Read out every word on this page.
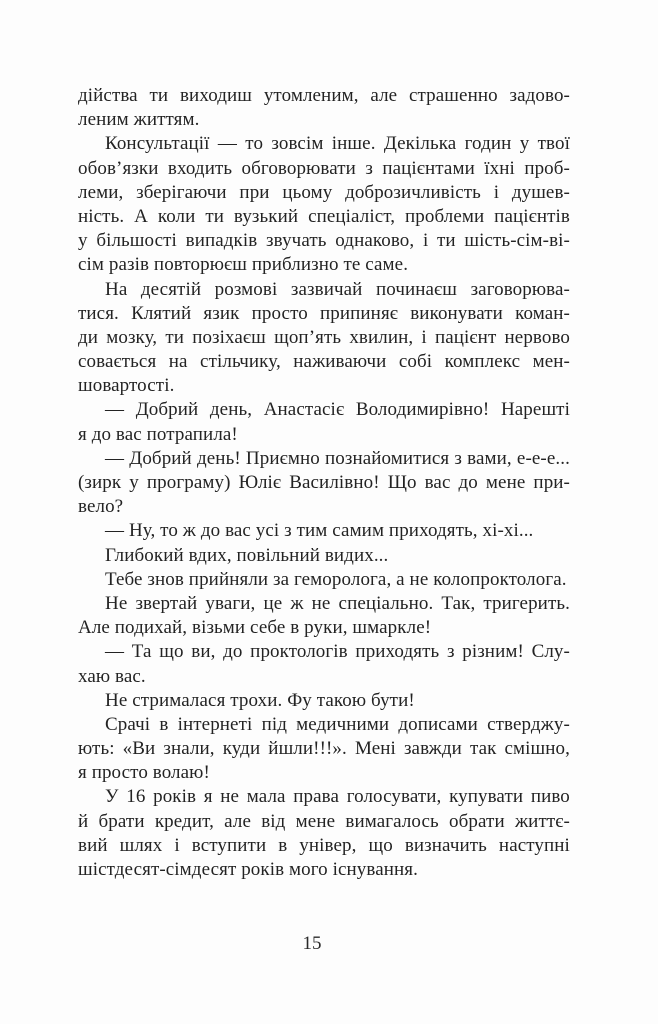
дійства ти виходиш утомленим, але страшенно задово-
леним життям.
Консультації — то зовсім інше. Декілька годин у твої
обов’язки входить обговорювати з пацієнтами їхні проб-
леми, зберігаючи при цьому доброзичливість і душев-
ність. А коли ти вузький спеціаліст, проблеми пацієнтів
у більшості випадків звучать однаково, і ти шість-сім-ві-
сім разів повторюєш приблизно те саме.
На десятій розмові зазвичай починаєш заговорюва-
тися. Клятий язик просто припиняє виконувати коман-
ди мозку, ти позіхаєш щоп’ять хвилин, і пацієнт нервово
совається на стільчику, наживаючи собі комплекс мен-
шовартості.
— Добрий день, Анастасіє Володимирівно! Нарешті
я до вас потрапила!
— Добрий день! Приємно познайомитися з вами, е-е-е...
(зирк у програму) Юліє Василівно! Що вас до мене при-
вело?
— Ну, то ж до вас усі з тим самим приходять, хі-хі...
Глибокий вдих, повільний видих...
Тебе знов прийняли за геморолога, а не колопроктолога.
Не звертай уваги, це ж не спеціально. Так, тригерить.
Але подихай, візьми себе в руки, шмаркле!
— Та що ви, до проктологів приходять з різним! Слу-
хаю вас.
Не стрималася трохи. Фу такою бути!
Срачі в інтернеті під медичними дописами стверджу-
ють: «Ви знали, куди йшли!!!». Мені завжди так смішно,
я просто волаю!
У 16 років я не мала права голосувати, купувати пиво
й брати кредит, але від мене вимагалось обрати життє-
вий шлях і вступити в універ, що визначить наступні
шістдесят-сімдесят років мого існування.
15
